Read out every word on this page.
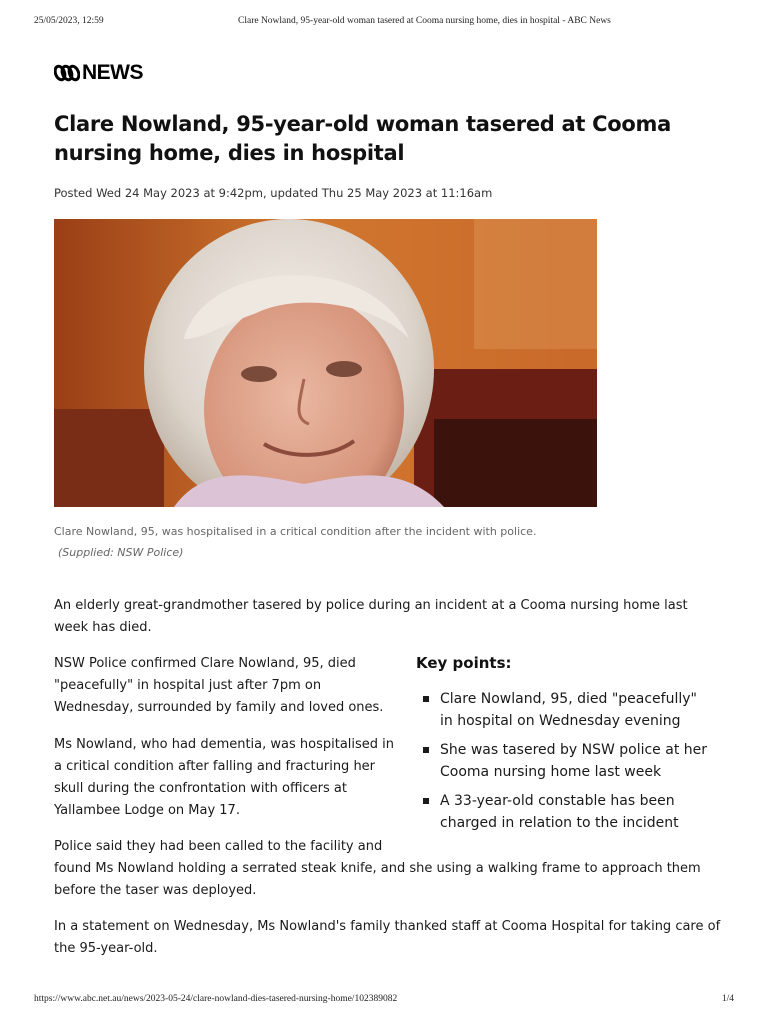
25/05/2023, 12:59	Clare Nowland, 95-year-old woman tasered at Cooma nursing home, dies in hospital - ABC News
NEWS
Clare Nowland, 95-year-old woman tasered at Cooma nursing home, dies in hospital
Posted Wed 24 May 2023 at 9:42pm, updated Thu 25 May 2023 at 11:16am
Clare Nowland, 95, was hospitalised in a critical condition after the incident with police.
(Supplied: NSW Police)

An elderly great-grandmother tasered by police during an incident at a Cooma nursing home last week has died.

NSW Police confirmed Clare Nowland, 95, died "peacefully" in hospital just after 7pm on Wednesday, surrounded by family and loved ones.

Ms Nowland, who had dementia, was hospitalised in a critical condition after falling and fracturing her skull during the confrontation with officers at Yallambee Lodge on May 17.

Police said they had been called to the facility and

found Ms Nowland holding a serrated steak knife, and she using a walking frame to approach them before the taser was deployed.

In a statement on Wednesday, Ms Nowland's family thanked staff at Cooma Hospital for taking care of the 95-year-old.

Key points:
Clare Nowland, 95, died "peacefully" in hospital on Wednesday evening
She was tasered by NSW police at her Cooma nursing home last week
A 33-year-old constable has been charged in relation to the incident
https://www.abc.net.au/news/2023-05-24/clare-nowland-dies-tasered-nursing-home/102389082	1/4
